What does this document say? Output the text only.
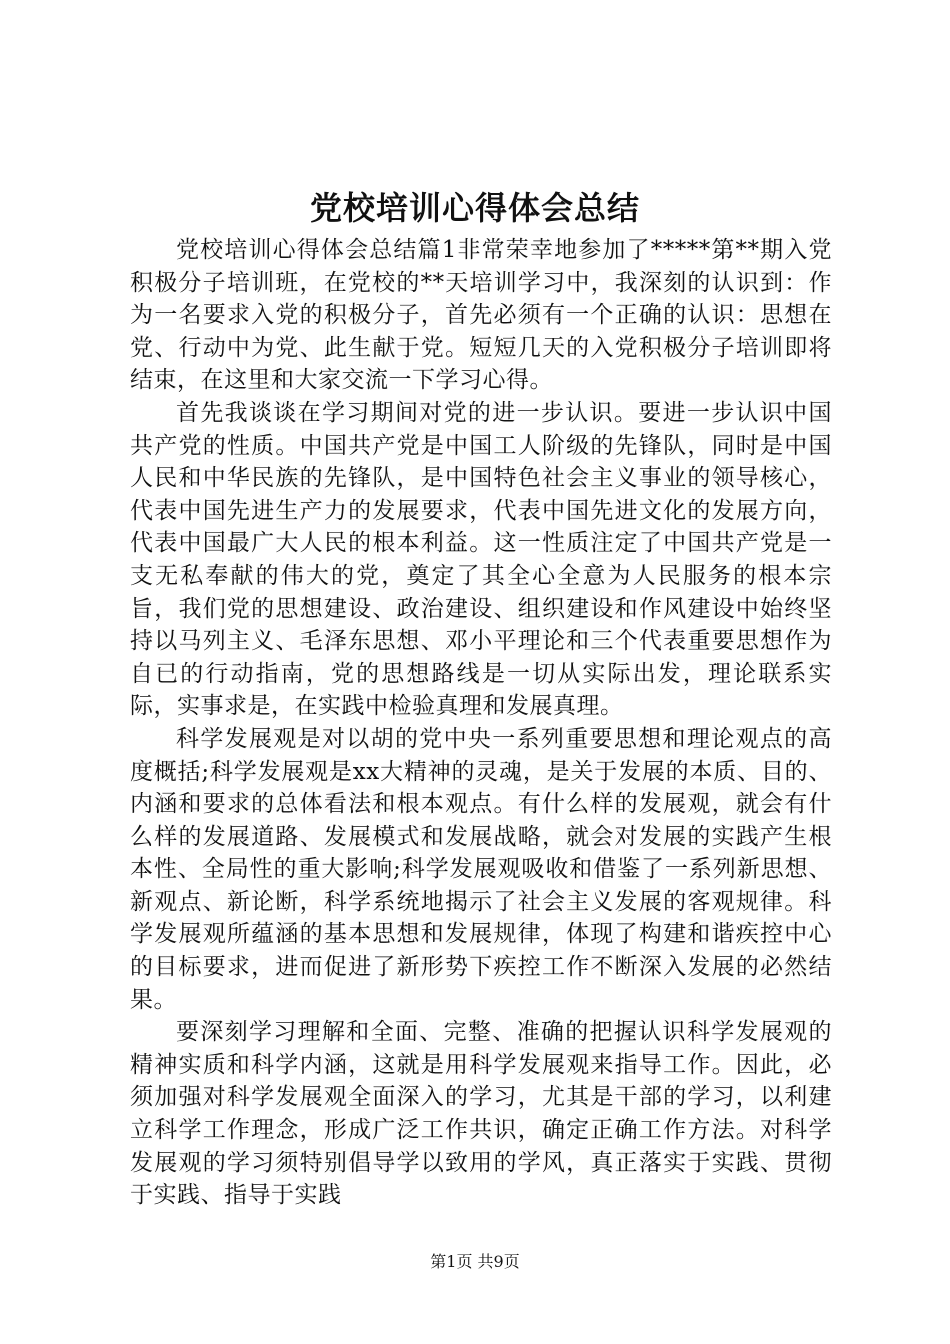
党校培训心得体会总结

党校培训心得体会总结篇1非常荣幸地参加了*****第**期入党积极分子培训班，在党校的**天培训学习中，我深刻的认识到：作为一名要求入党的积极分子，首先必须有一个正确的认识：思想在党、行动中为党、此生献于党。短短几天的入党积极分子培训即将结束，在这里和大家交流一下学习心得。

首先我谈谈在学习期间对党的进一步认识。要进一步认识中国共产党的性质。中国共产党是中国工人阶级的先锋队，同时是中国人民和中华民族的先锋队，是中国特色社会主义事业的领导核心，代表中国先进生产力的发展要求，代表中国先进文化的发展方向，代表中国最广大人民的根本利益。这一性质注定了中国共产党是一支无私奉献的伟大的党，奠定了其全心全意为人民服务的根本宗旨，我们党的思想建设、政治建设、组织建设和作风建设中始终坚持以马列主义、毛泽东思想、邓小平理论和三个代表重要思想作为自已的行动指南，党的思想路线是一切从实际出发，理论联系实际，实事求是，在实践中检验真理和发展真理。

科学发展观是对以胡的党中央一系列重要思想和理论观点的高度概括;科学发展观是xx大精神的灵魂，是关于发展的本质、目的、内涵和要求的总体看法和根本观点。有什么样的发展观，就会有什么样的发展道路、发展模式和发展战略，就会对发展的实践产生根本性、全局性的重大影响;科学发展观吸收和借鉴了一系列新思想、新观点、新论断，科学系统地揭示了社会主义发展的客观规律。科学发展观所蕴涵的基本思想和发展规律，体现了构建和谐疾控中心的目标要求，进而促进了新形势下疾控工作不断深入发展的必然结果。

要深刻学习理解和全面、完整、准确的把握认识科学发展观的精神实质和科学内涵，这就是用科学发展观来指导工作。因此，必须加强对科学发展观全面深入的学习，尤其是干部的学习，以利建立科学工作理念，形成广泛工作共识，确定正确工作方法。对科学发展观的学习须特别倡导学以致用的学风，真正落实于实践、贯彻于实践、指导于实践

第1页 共9页
